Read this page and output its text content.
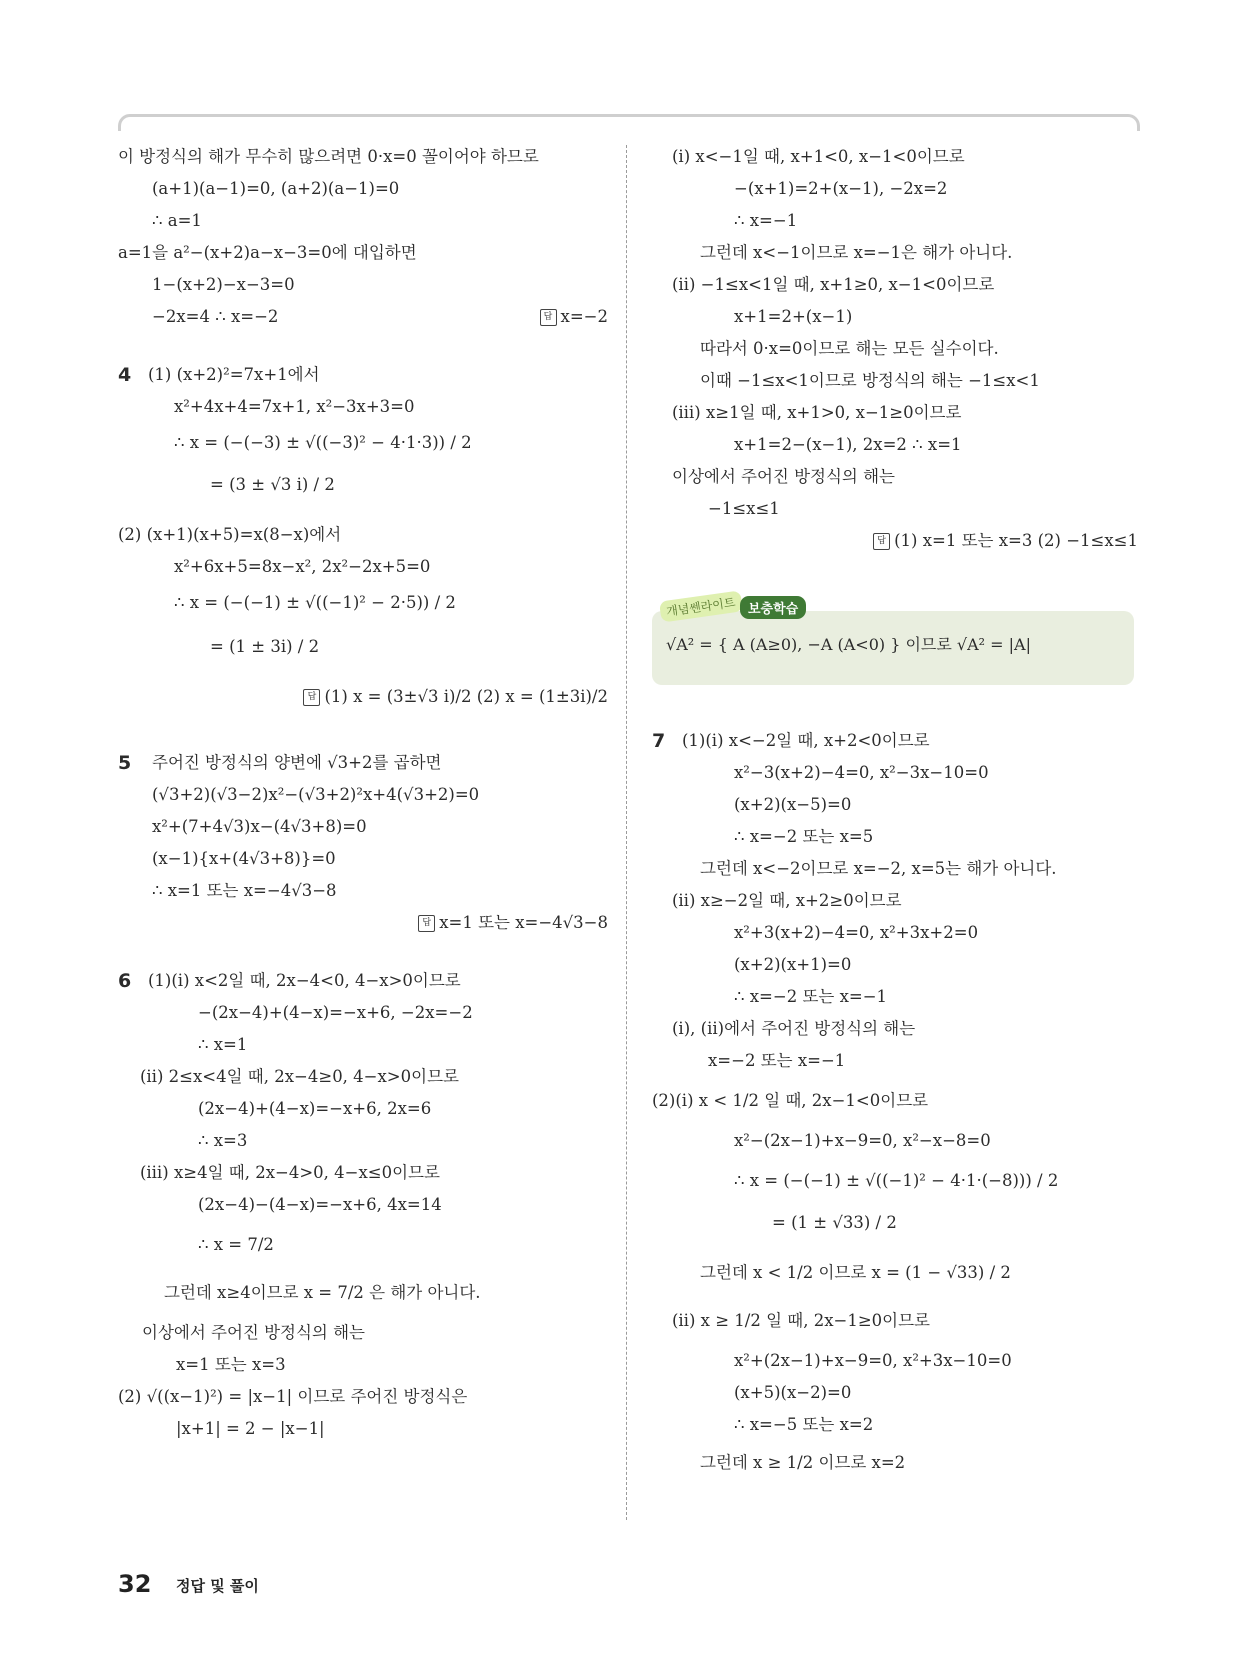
이 방정식의 해가 무수히 많으려면 0·x=0 꼴이어야 하므로
(a+1)(a−1)=0, (a+2)(a−1)=0
∴ a=1
a=1을 a²−(x+2)a−x−3=0에 대입하면
1−(x+2)−x−3=0
−2x=4 ∴ x=−2	답 x=−2
4 (1) (x+2)²=7x+1에서
x²+4x+4=7x+1, x²−3x+3=0
∴ x = (−(−3) ± √((−3)² − 4·1·3)) / 2
= (3 ± √3 i) / 2
(2) (x+1)(x+5)=x(8−x)에서
x²+6x+5=8x−x², 2x²−2x+5=0
∴ x = (−(−1) ± √((−1)² − 2·5)) / 2
= (1 ± 3i) / 2
답 (1) x = (3±√3 i)/2 (2) x = (1±3i)/2
5 주어진 방정식의 양변에 √3+2를 곱하면
(√3+2)(√3−2)x²−(√3+2)²x+4(√3+2)=0
x²+(7+4√3)x−(4√3+8)=0
(x−1){x+(4√3+8)}=0
∴ x=1 또는 x=−4√3−8
답 x=1 또는 x=−4√3−8
6 (1)(ⅰ) x<2일 때, 2x−4<0, 4−x>0이므로
−(2x−4)+(4−x)=−x+6, −2x=−2
∴ x=1
(ⅱ) 2≤x<4일 때, 2x−4≥0, 4−x>0이므로
(2x−4)+(4−x)=−x+6, 2x=6
∴ x=3
(ⅲ) x≥4일 때, 2x−4>0, 4−x≤0이므로
(2x−4)−(4−x)=−x+6, 4x=14
∴ x = 7/2
그런데 x≥4이므로 x = 7/2 은 해가 아니다.
이상에서 주어진 방정식의 해는
x=1 또는 x=3
(2) √((x−1)²) = |x−1| 이므로 주어진 방정식은
|x+1| = 2 − |x−1|
(ⅰ) x<−1일 때, x+1<0, x−1<0이므로
−(x+1)=2+(x−1), −2x=2
∴ x=−1
그런데 x<−1이므로 x=−1은 해가 아니다.
(ⅱ) −1≤x<1일 때, x+1≥0, x−1<0이므로
x+1=2+(x−1)
따라서 0·x=0이므로 해는 모든 실수이다.
이때 −1≤x<1이므로 방정식의 해는 −1≤x<1
(ⅲ) x≥1일 때, x+1>0, x−1≥0이므로
x+1=2−(x−1), 2x=2 ∴ x=1
이상에서 주어진 방정식의 해는
−1≤x≤1
답 (1) x=1 또는 x=3 (2) −1≤x≤1
7 (1)(ⅰ) x<−2일 때, x+2<0이므로
x²−3(x+2)−4=0, x²−3x−10=0
(x+2)(x−5)=0
∴ x=−2 또는 x=5
그런데 x<−2이므로 x=−2, x=5는 해가 아니다.
(ⅱ) x≥−2일 때, x+2≥0이므로
x²+3(x+2)−4=0, x²+3x+2=0
(x+2)(x+1)=0
∴ x=−2 또는 x=−1
(ⅰ), (ⅱ)에서 주어진 방정식의 해는
x=−2 또는 x=−1
(2)(ⅰ) x < 1/2 일 때, 2x−1<0이므로
x²−(2x−1)+x−9=0, x²−x−8=0
∴ x = (−(−1) ± √((−1)² − 4·1·(−8))) / 2
= (1 ± √33) / 2
그런데 x < 1/2 이므로 x = (1 − √33) / 2
(ⅱ) x ≥ 1/2 일 때, 2x−1≥0이므로
x²+(2x−1)+x−9=0, x²+3x−10=0
(x+5)(x−2)=0
∴ x=−5 또는 x=2
그런데 x ≥ 1/2 이므로 x=2
개념쎈라이트 보충학습
√A² = { A (A≥0), −A (A<0) } 이므로 √A² = |A|
32 정답 및 풀이
